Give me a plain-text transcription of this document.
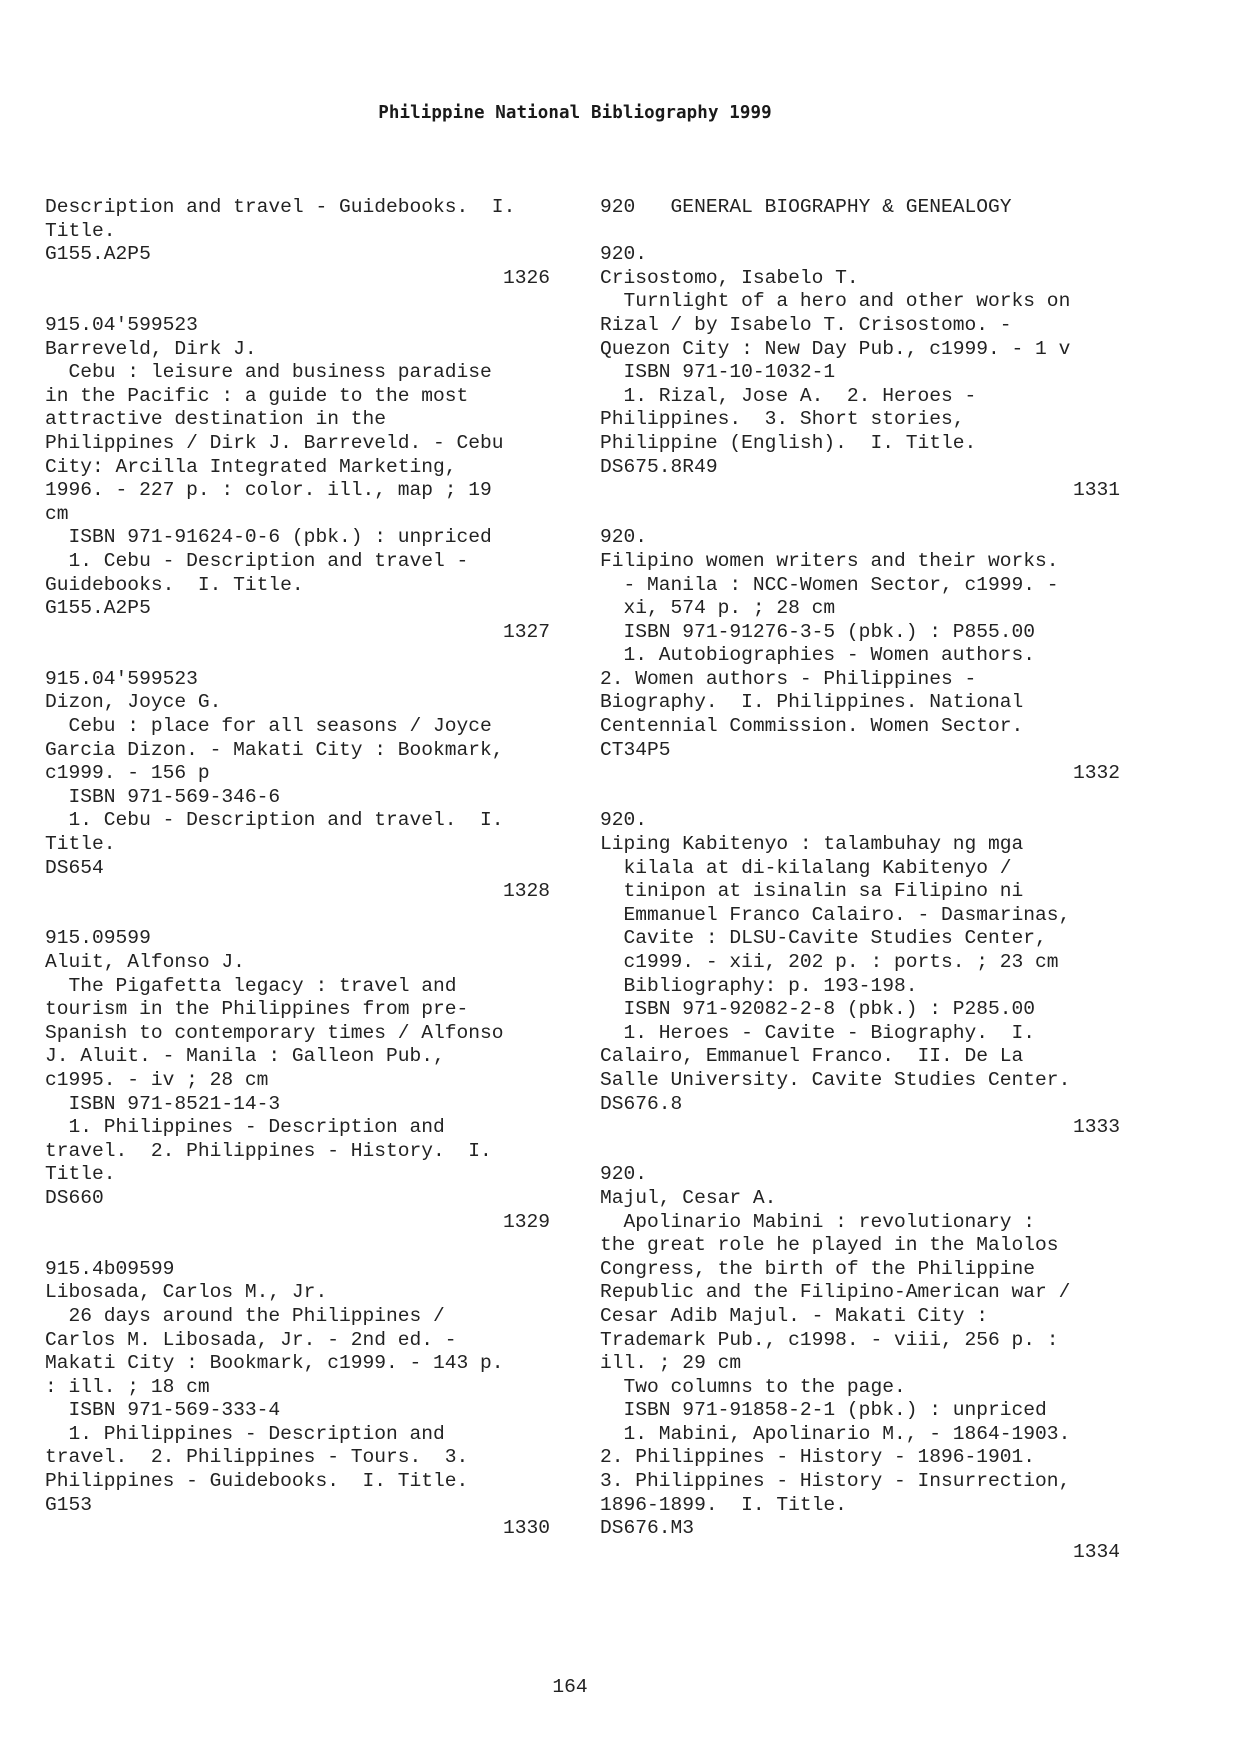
Philippine National Bibliography 1999
Description and travel - Guidebooks.  I.
Title.
G155.A2P5
1326
915.04'599523
Barreveld, Dirk J.
Cebu : leisure and business paradise
in the Pacific : a guide to the most
attractive destination in the
Philippines / Dirk J. Barreveld. - Cebu
City: Arcilla Integrated Marketing,
1996. - 227 p. : color. ill., map ; 19
cm
ISBN 971-91624-0-6 (pbk.) : unpriced
1. Cebu - Description and travel -
Guidebooks.  I. Title.
G155.A2P5
1327
915.04'599523
Dizon, Joyce G.
Cebu : place for all seasons / Joyce
Garcia Dizon. - Makati City : Bookmark,
c1999. - 156 p
ISBN 971-569-346-6
1. Cebu - Description and travel.  I.
Title.
DS654
1328
915.09599
Aluit, Alfonso J.
The Pigafetta legacy : travel and
tourism in the Philippines from pre-
Spanish to contemporary times / Alfonso
J. Aluit. - Manila : Galleon Pub.,
c1995. - iv ; 28 cm
ISBN 971-8521-14-3
1. Philippines - Description and
travel.  2. Philippines - History.  I.
Title.
DS660
1329
915.4b09599
Libosada, Carlos M., Jr.
26 days around the Philippines /
Carlos M. Libosada, Jr. - 2nd ed. -
Makati City : Bookmark, c1999. - 143 p.
: ill. ; 18 cm
ISBN 971-569-333-4
1. Philippines - Description and
travel.  2. Philippines - Tours.  3.
Philippines - Guidebooks.  I. Title.
G153
1330
920   GENERAL BIOGRAPHY & GENEALOGY
920.
Crisostomo, Isabelo T.
Turnlight of a hero and other works on
Rizal / by Isabelo T. Crisostomo. -
Quezon City : New Day Pub., c1999. - 1 v
ISBN 971-10-1032-1
1. Rizal, Jose A.  2. Heroes -
Philippines.  3. Short stories,
Philippine (English).  I. Title.
DS675.8R49
1331
920.
Filipino women writers and their works.
- Manila : NCC-Women Sector, c1999. -
xi, 574 p. ; 28 cm
ISBN 971-91276-3-5 (pbk.) : P855.00
1. Autobiographies - Women authors.
2. Women authors - Philippines -
Biography.  I. Philippines. National
Centennial Commission. Women Sector.
CT34P5
1332
920.
Liping Kabitenyo : talambuhay ng mga
kilala at di-kilalang Kabitenyo /
tinipon at isinalin sa Filipino ni
Emmanuel Franco Calairo. - Dasmarinas,
Cavite : DLSU-Cavite Studies Center,
c1999. - xii, 202 p. : ports. ; 23 cm
Bibliography: p. 193-198.
ISBN 971-92082-2-8 (pbk.) : P285.00
1. Heroes - Cavite - Biography.  I.
Calairo, Emmanuel Franco.  II. De La
Salle University. Cavite Studies Center.
DS676.8
1333
920.
Majul, Cesar A.
Apolinario Mabini : revolutionary :
the great role he played in the Malolos
Congress, the birth of the Philippine
Republic and the Filipino-American war /
Cesar Adib Majul. - Makati City :
Trademark Pub., c1998. - viii, 256 p. :
ill. ; 29 cm
Two columns to the page.
ISBN 971-91858-2-1 (pbk.) : unpriced
1. Mabini, Apolinario M., - 1864-1903.
2. Philippines - History - 1896-1901.
3. Philippines - History - Insurrection,
1896-1899.  I. Title.
DS676.M3
1334
164
